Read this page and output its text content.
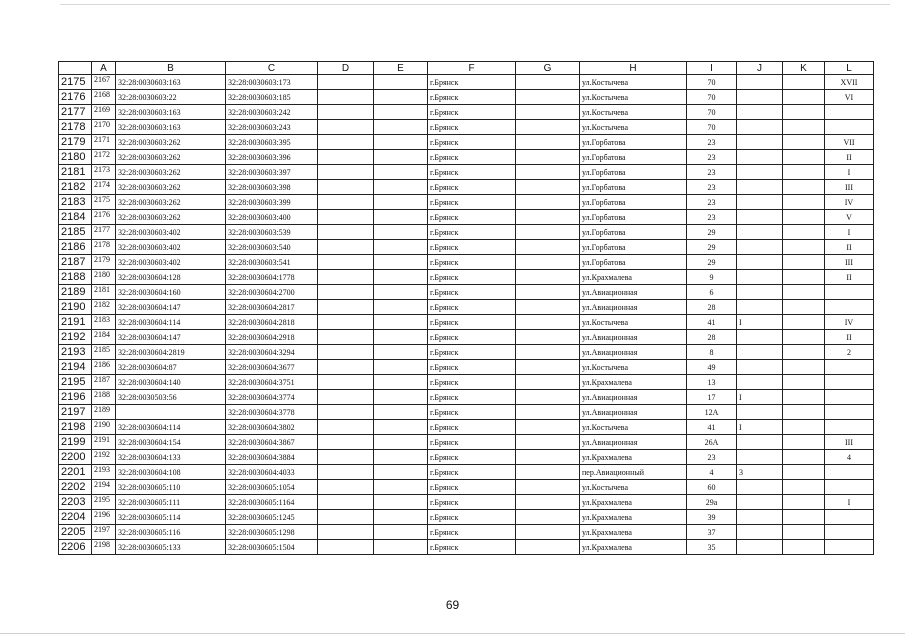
	A	B	C	D	E	F	G	H	I	J	K	L
2175	2167	32:28:0030603:163	32:28:0030603:173			г.Брянск		ул.Костычева	70			XVII
2176	2168	32:28:0030603:22	32:28:0030603:185			г.Брянск		ул.Костычева	70			VI
2177	2169	32:28:0030603:163	32:28:0030603:242			г.Брянск		ул.Костычева	70			
2178	2170	32:28:0030603:163	32:28:0030603:243			г.Брянск		ул.Костычева	70			
2179	2171	32:28:0030603:262	32:28:0030603:395			г.Брянск		ул.Горбатова	23			VII
2180	2172	32:28:0030603:262	32:28:0030603:396			г.Брянск		ул.Горбатова	23			II
2181	2173	32:28:0030603:262	32:28:0030603:397			г.Брянск		ул.Горбатова	23			I
2182	2174	32:28:0030603:262	32:28:0030603:398			г.Брянск		ул.Горбатова	23			III
2183	2175	32:28:0030603:262	32:28:0030603:399			г.Брянск		ул.Горбатова	23			IV
2184	2176	32:28:0030603:262	32:28:0030603:400			г.Брянск		ул.Горбатова	23			V
2185	2177	32:28:0030603:402	32:28:0030603:539			г.Брянск		ул.Горбатова	29			I
2186	2178	32:28:0030603:402	32:28:0030603:540			г.Брянск		ул.Горбатова	29			II
2187	2179	32:28:0030603:402	32:28:0030603:541			г.Брянск		ул.Горбатова	29			III
2188	2180	32:28:0030604:128	32:28:0030604:1778			г.Брянск		ул.Крахмалева	9			II
2189	2181	32:28:0030604:160	32:28:0030604:2700			г.Брянск		ул.Авиационная	6			
2190	2182	32:28:0030604:147	32:28:0030604:2817			г.Брянск		ул.Авиационная	28			
2191	2183	32:28:0030604:114	32:28:0030604:2818			г.Брянск		ул.Костычева	41	I		IV
2192	2184	32:28:0030604:147	32:28:0030604:2918			г.Брянск		ул.Авиационная	28			II
2193	2185	32:28:0030604:2819	32:28:0030604:3294			г.Брянск		ул.Авиационная	8			2
2194	2186	32:28:0030604:87	32:28:0030604:3677			г.Брянск		ул.Костычева	49			
2195	2187	32:28:0030604:140	32:28:0030604:3751			г.Брянск		ул.Крахмалева	13			
2196	2188	32:28:0030503:56	32:28:0030604:3774			г.Брянск		ул.Авиационная	17	I		
2197	2189		32:28:0030604:3778			г.Брянск		ул.Авиационная	12А			
2198	2190	32:28:0030604:114	32:28:0030604:3802			г.Брянск		ул.Костычева	41	I		
2199	2191	32:28:0030604:154	32:28:0030604:3867			г.Брянск		ул.Авиационная	26А			III
2200	2192	32:28:0030604:133	32:28:0030604:3884			г.Брянск		ул.Крахмалева	23			4
2201	2193	32:28:0030604:108	32:28:0030604:4033			г.Брянск		пер.Авиационный	4	3		
2202	2194	32:28:0030605:110	32:28:0030605:1054			г.Брянск		ул.Костычева	60			
2203	2195	32:28:0030605:111	32:28:0030605:1164			г.Брянск		ул.Крахмалева	29а			I
2204	2196	32:28:0030605:114	32:28:0030605:1245			г.Брянск		ул.Крахмалева	39			
2205	2197	32:28:0030605:116	32:28:0030605:1298			г.Брянск		ул.Крахмалева	37			
2206	2198	32:28:0030605:133	32:28:0030605:1504			г.Брянск		ул.Крахмалева	35			
69
